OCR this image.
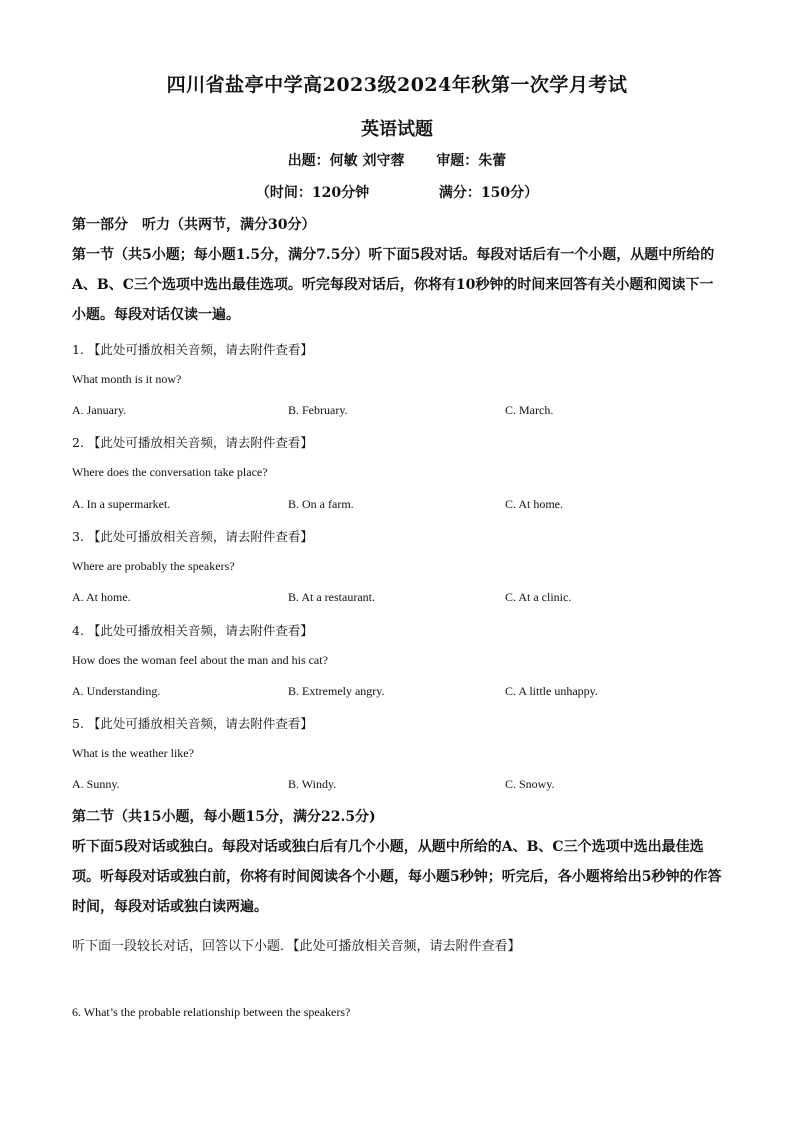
四川省盐亭中学高2023级2024年秋第一次学月考试
英语试题
出题：何敏 刘守蓉 审题：朱蕾
（时间：120分钟	满分：150分）
第一部分　听力（共两节，满分30分）
第一节（共5小题；每小题1.5分，满分7.5分）听下面5段对话。每段对话后有一个小题，从题中所给的A、B、C三个选项中选出最佳选项。听完每段对话后，你将有10秒钟的时间来回答有关小题和阅读下一小题。每段对话仅读一遍。
1. 【此处可播放相关音频，请去附件查看】
What month is it now?
A. January.	B. February.	C. March.
2. 【此处可播放相关音频，请去附件查看】
Where does the conversation take place?
A. In a supermarket.	B. On a farm.	C. At home.
3. 【此处可播放相关音频，请去附件查看】
Where are probably the speakers?
A. At home.	B. At a restaurant.	C. At a clinic.
4. 【此处可播放相关音频，请去附件查看】
How does the woman feel about the man and his cat?
A. Understanding.	B. Extremely angry.	C. A little unhappy.
5. 【此处可播放相关音频，请去附件查看】
What is the weather like?
A. Sunny.	B. Windy.	C. Snowy.
第二节（共15小题，每小题15分，满分22.5分)
听下面5段对话或独白。每段对话或独白后有几个小题，从题中所给的A、B、C三个选项中选出最佳选项。听每段对话或独白前，你将有时间阅读各个小题，每小题5秒钟；听完后，各小题将给出5秒钟的作答时间，每段对话或独白读两遍。
听下面一段较长对话，回答以下小题．【此处可播放相关音频，请去附件查看】
6. What’s the probable relationship between the speakers?
